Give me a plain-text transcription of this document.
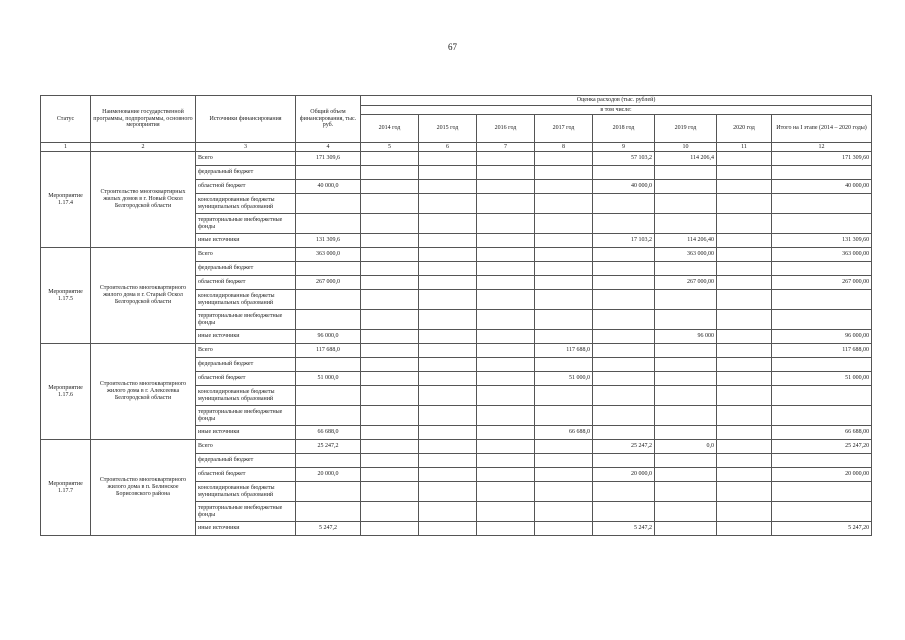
67
Статус	Наименование государственной программы, подпрограммы, основного мероприятия	Источники финансирования	Общий объем финансирования, тыс. руб.	Оценка расходов (тыс. рублей)							
				в том числе:							
				2014 год	2015 год	2016 год	2017 год	2018 год	2019 год	2020 год	Итого на I этапе (2014 – 2020 годы)
1	2	3	4	5	6	7	8	9	10	11	12
Мероприятие 1.17.4	Строительство многоквартирных жилых домов в г. Новый Оскол Белгородской области	Всего	171 309,6					57 103,2	114 206,4		171 309,60
		федеральный бюджет									
		областной бюджет	40 000,0					40 000,0			40 000,00
		консолидированные бюджеты муниципальных образований									
		территориальные внебюджетные фонды									
		иные источники	131 309,6					17 103,2	114 206,40		131 309,60
Мероприятие 1.17.5	Строительство многоквартирного жилого дома в г. Старый Оскол Белгородской области	Всего	363 000,0						363 000,00		363 000,00
		федеральный бюджет									
		областной бюджет	267 000,0						267 000,00		267 000,00
		консолидированные бюджеты муниципальных образований									
		территориальные внебюджетные фонды									
		иные источники	96 000,0						96 000		96 000,00
Мероприятие 1.17.6	Строительство многоквартирного жилого дома в г. Алексеевка Белгородской области	Всего	117 688,0				117 688,0				117 688,00
		федеральный бюджет									
		областной бюджет	51 000,0				51 000,0				51 000,00
		консолидированные бюджеты муниципальных образований									
		территориальные внебюджетные фонды									
		иные источники	66 688,0				66 688,0				66 688,00
Мероприятие 1.17.7	Строительство многоквартирного жилого дома в п. Белинское Борисовского района	Всего	25 247,2					25 247,2	0,0		25 247,20
		федеральный бюджет									
		областной бюджет	20 000,0					20 000,0			20 000,00
		консолидированные бюджеты муниципальных образований									
		территориальные внебюджетные фонды									
		иные источники	5 247,2					5 247,2			5 247,20
